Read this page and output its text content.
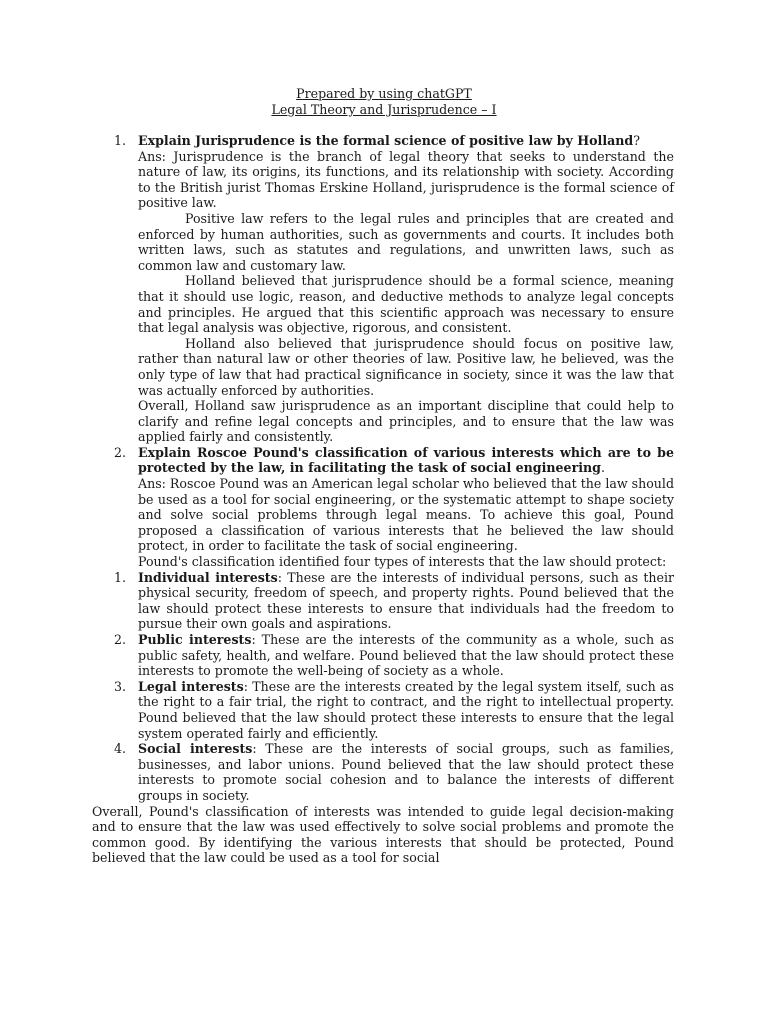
Prepared by using chatGPT
Legal Theory and Jurisprudence – I
1. Explain Jurisprudence is the formal science of positive law by Holland?
Ans: Jurisprudence is the branch of legal theory that seeks to understand the nature of law, its origins, its functions, and its relationship with society. According to the British jurist Thomas Erskine Holland, jurisprudence is the formal science of positive law.
Positive law refers to the legal rules and principles that are created and enforced by human authorities, such as governments and courts. It includes both written laws, such as statutes and regulations, and unwritten laws, such as common law and customary law.
Holland believed that jurisprudence should be a formal science, meaning that it should use logic, reason, and deductive methods to analyze legal concepts and principles. He argued that this scientific approach was necessary to ensure that legal analysis was objective, rigorous, and consistent.
Holland also believed that jurisprudence should focus on positive law, rather than natural law or other theories of law. Positive law, he believed, was the only type of law that had practical significance in society, since it was the law that was actually enforced by authorities.
Overall, Holland saw jurisprudence as an important discipline that could help to clarify and refine legal concepts and principles, and to ensure that the law was applied fairly and consistently.
2. Explain Roscoe Pound's classification of various interests which are to be protected by the law, in facilitating the task of social engineering.
Ans: Roscoe Pound was an American legal scholar who believed that the law should be used as a tool for social engineering, or the systematic attempt to shape society and solve social problems through legal means. To achieve this goal, Pound proposed a classification of various interests that he believed the law should protect, in order to facilitate the task of social engineering.
Pound's classification identified four types of interests that the law should protect:
1. Individual interests: These are the interests of individual persons, such as their physical security, freedom of speech, and property rights. Pound believed that the law should protect these interests to ensure that individuals had the freedom to pursue their own goals and aspirations.
2. Public interests: These are the interests of the community as a whole, such as public safety, health, and welfare. Pound believed that the law should protect these interests to promote the well-being of society as a whole.
3. Legal interests: These are the interests created by the legal system itself, such as the right to a fair trial, the right to contract, and the right to intellectual property. Pound believed that the law should protect these interests to ensure that the legal system operated fairly and efficiently.
4. Social interests: These are the interests of social groups, such as families, businesses, and labor unions. Pound believed that the law should protect these interests to promote social cohesion and to balance the interests of different groups in society.
Overall, Pound's classification of interests was intended to guide legal decision-making and to ensure that the law was used effectively to solve social problems and promote the common good. By identifying the various interests that should be protected, Pound believed that the law could be used as a tool for social
